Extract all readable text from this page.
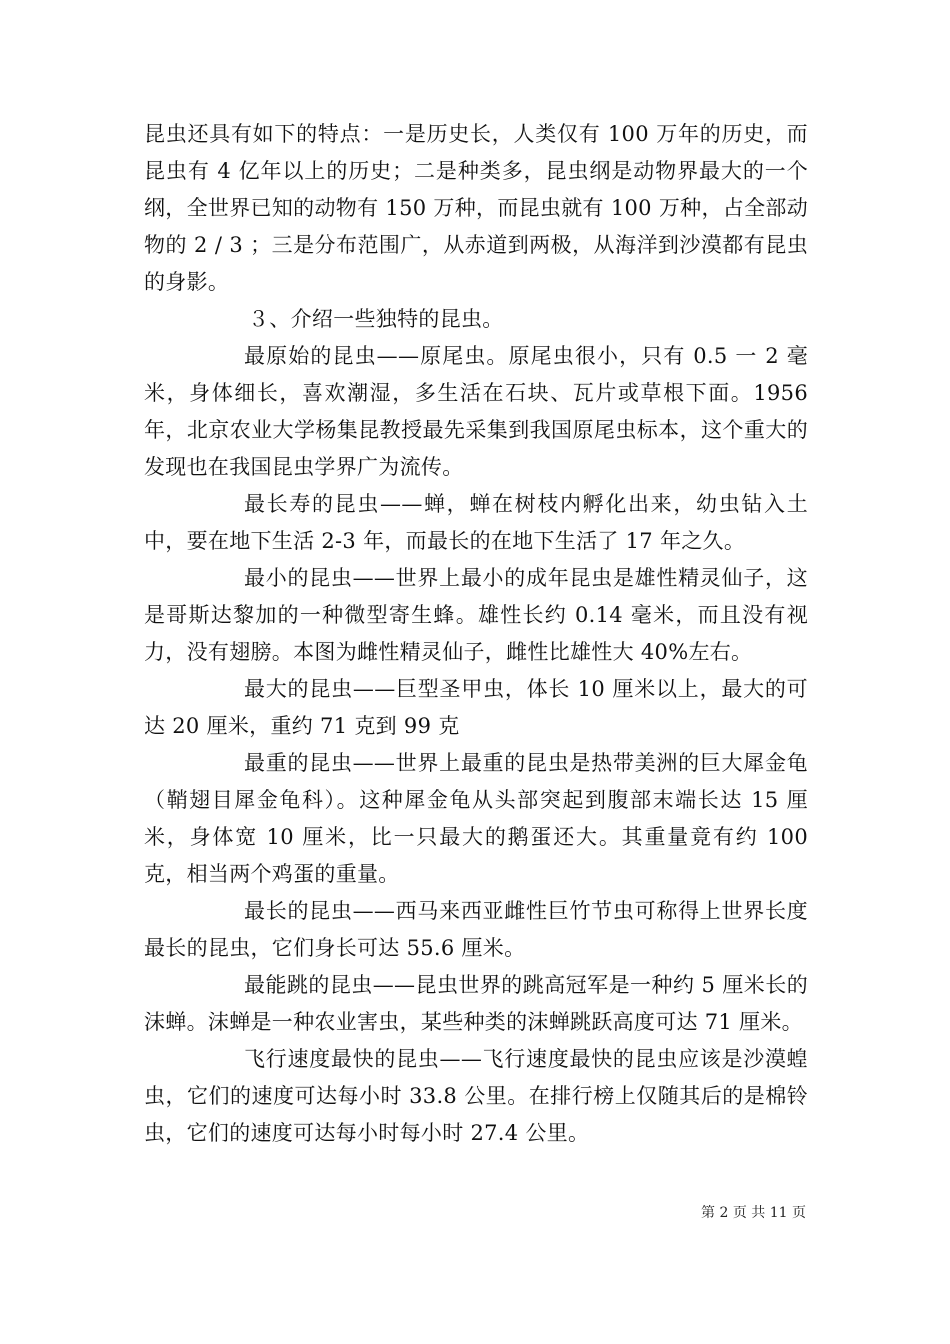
昆虫还具有如下的特点：一是历史长，人类仅有 100 万年的历史，而昆虫有 4 亿年以上的历史；二是种类多，昆虫纲是动物界最大的一个纲，全世界已知的动物有 150 万种，而昆虫就有 100 万种，占全部动物的 2 / 3 ；三是分布范围广，从赤道到两极，从海洋到沙漠都有昆虫的身影。

３、介绍一些独特的昆虫。

最原始的昆虫——原尾虫。原尾虫很小，只有 0.5 一 2 毫米，身体细长，喜欢潮湿，多生活在石块、瓦片或草根下面。1956 年，北京农业大学杨集昆教授最先采集到我国原尾虫标本，这个重大的发现也在我国昆虫学界广为流传。

最长寿的昆虫——蝉，蝉在树枝内孵化出来，幼虫钻入土中，要在地下生活 2-3 年，而最长的在地下生活了 17 年之久。

最小的昆虫——世界上最小的成年昆虫是雄性精灵仙子，这是哥斯达黎加的一种微型寄生蜂。雄性长约 0.14 毫米，而且没有视力，没有翅膀。本图为雌性精灵仙子，雌性比雄性大 40%左右。

最大的昆虫——巨型圣甲虫，体长 10 厘米以上，最大的可达 20 厘米，重约 71 克到 99 克

最重的昆虫——世界上最重的昆虫是热带美洲的巨大犀金龟（鞘翅目犀金龟科）。这种犀金龟从头部突起到腹部末端长达 15 厘米，身体宽 10 厘米，比一只最大的鹅蛋还大。其重量竟有约 100 克，相当两个鸡蛋的重量。

最长的昆虫——西马来西亚雌性巨竹节虫可称得上世界长度最长的昆虫，它们身长可达 55.6 厘米。

最能跳的昆虫——昆虫世界的跳高冠军是一种约 5 厘米长的沫蝉。沫蝉是一种农业害虫，某些种类的沫蝉跳跃高度可达 71 厘米。

飞行速度最快的昆虫——飞行速度最快的昆虫应该是沙漠蝗虫，它们的速度可达每小时 33.8 公里。在排行榜上仅随其后的是棉铃虫，它们的速度可达每小时每小时 27.4 公里。

第 2 页 共 11 页
